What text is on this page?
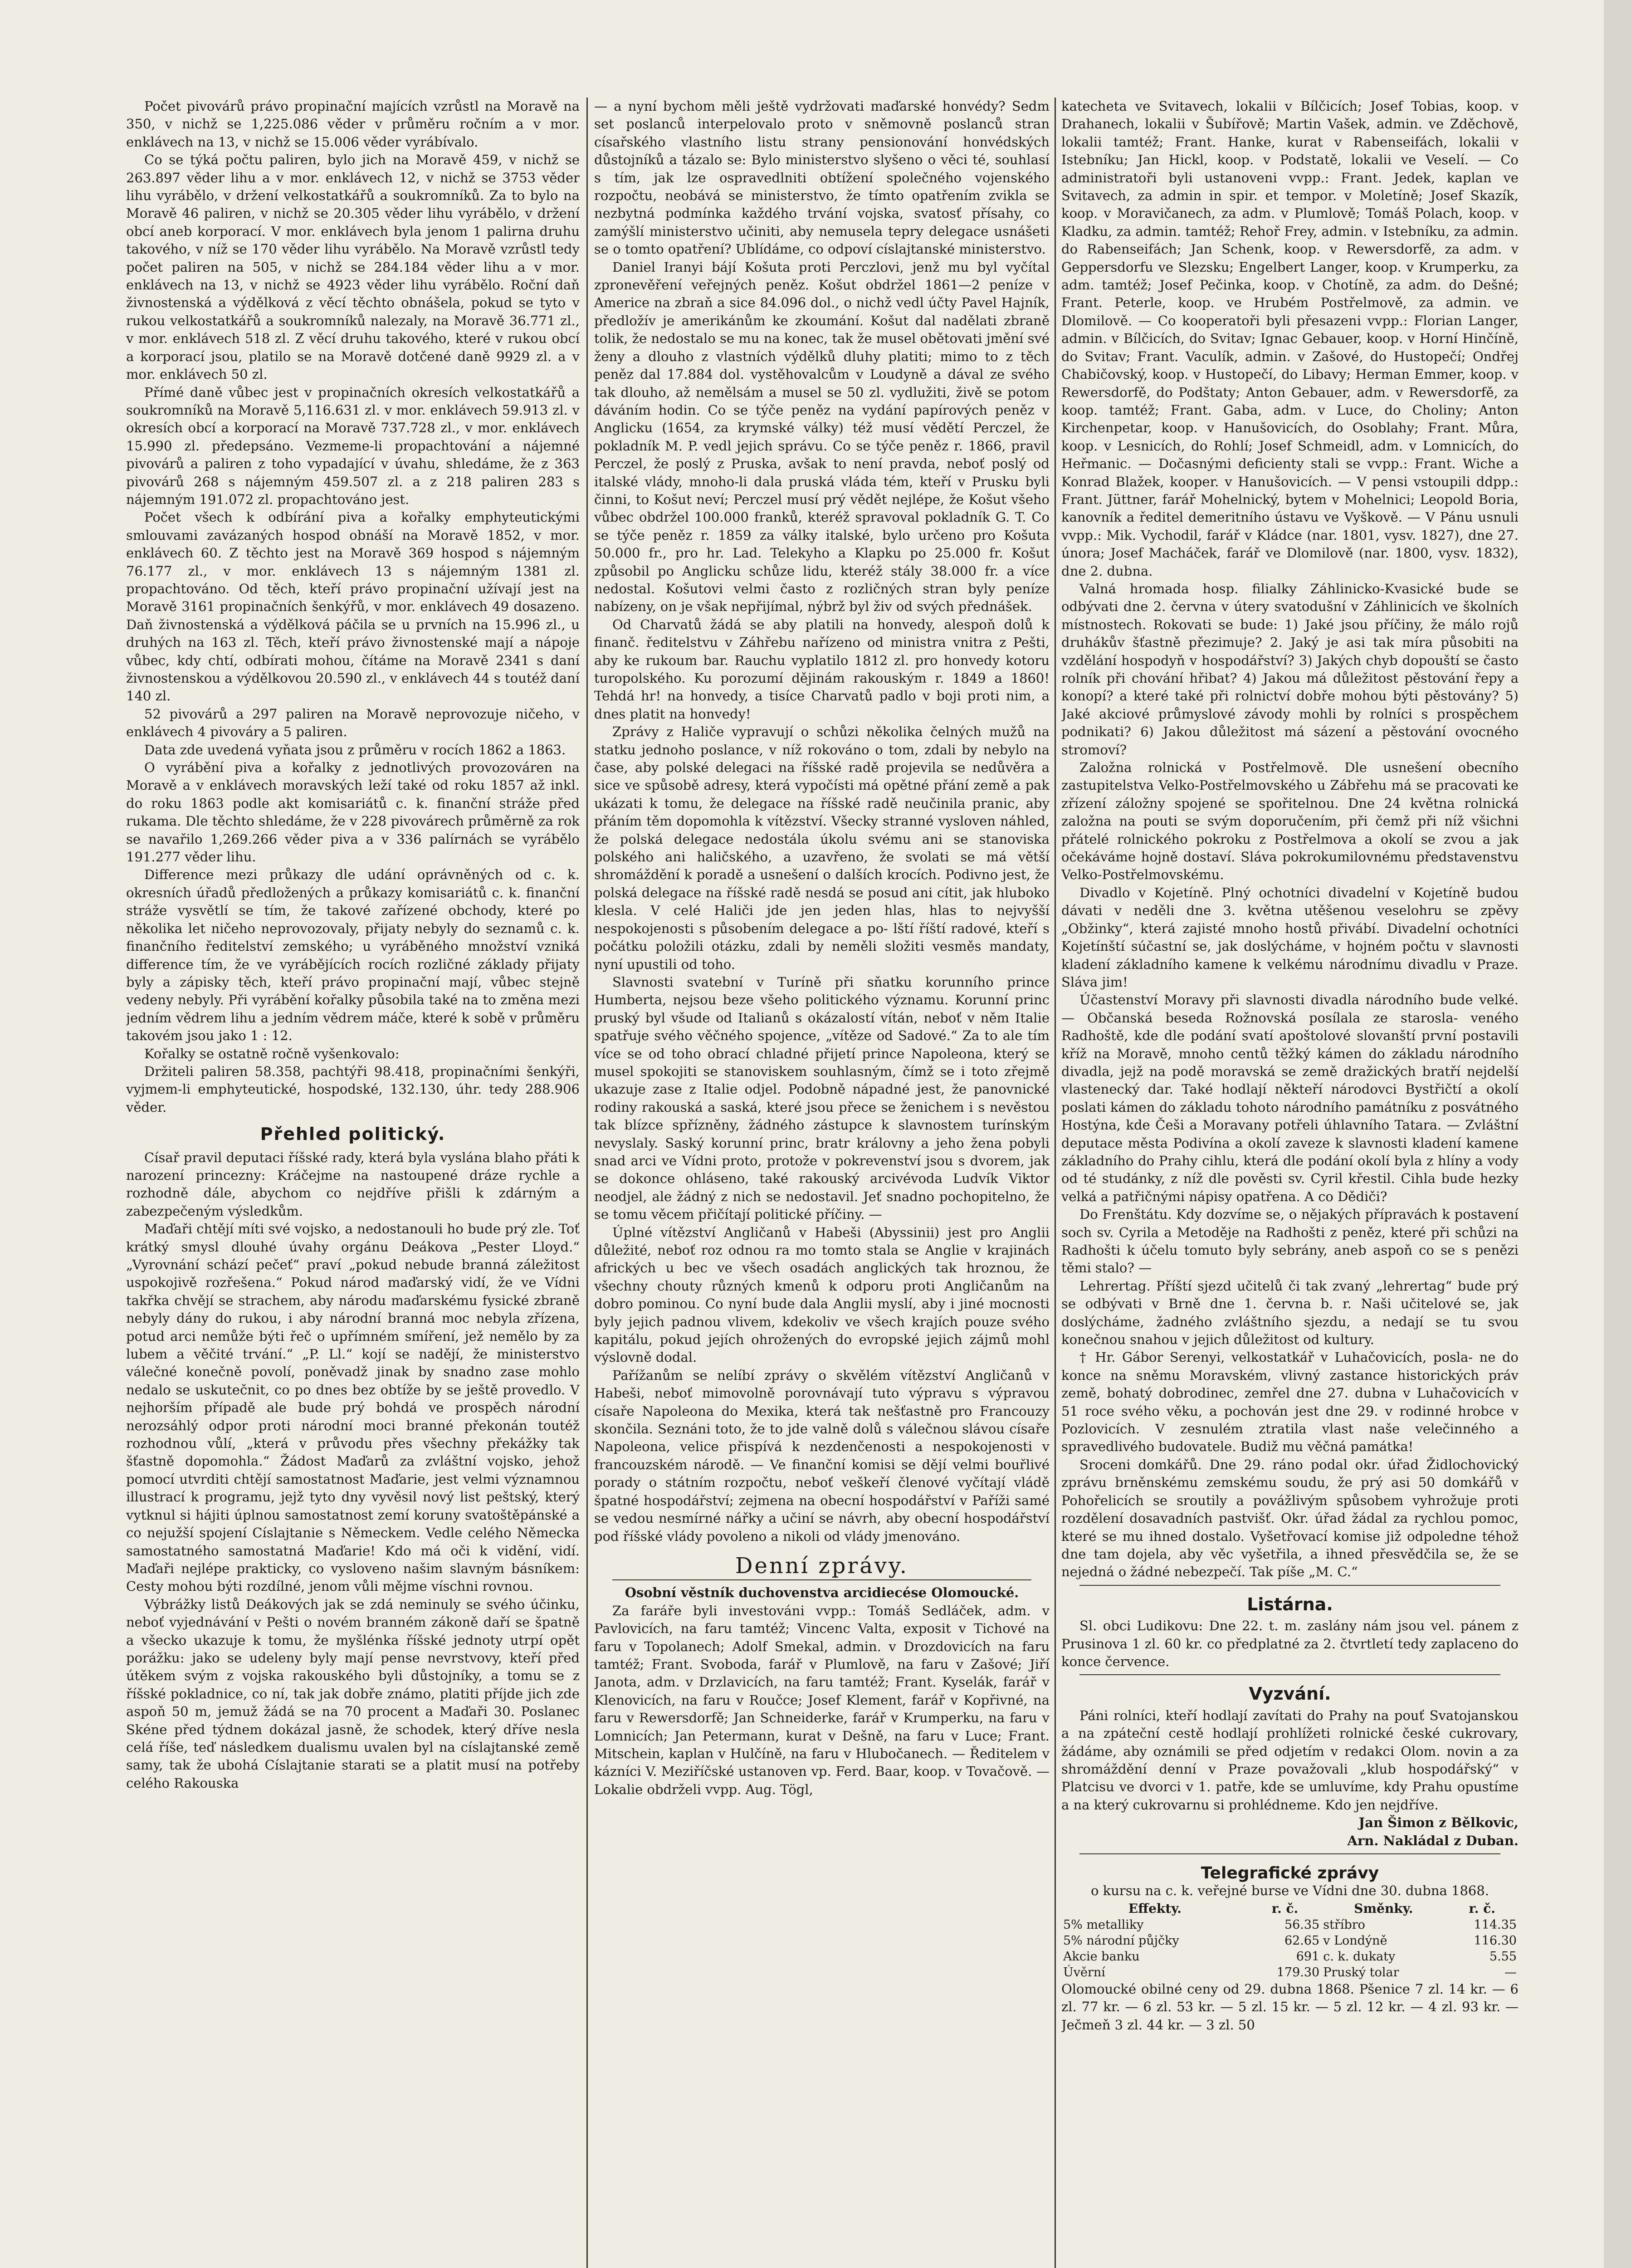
Počet pivovárů právo propinační majících vzrůstl na Moravě na 350, v nichž se 1,225.086 věder v průměru ročním a v mor. enklávech na 13, v nichž se 15.006 věder vyrábívalo.

Co se týká počtu paliren, bylo jich na Moravě 459, v nichž se 263.897 věder lihu a v mor. enklávech 12, v nichž se 3753 věder lihu vyrábělo, v držení velkostatkářů a soukromníků. Za to bylo na Moravě 46 paliren, v nichž se 20.305 věder lihu vyrábělo, v držení obcí aneb korporací. V mor. enklávech byla jenom 1 palirna druhu takového, v níž se 170 věder lihu vyrábělo. Na Moravě vzrůstl tedy počet paliren na 505, v nichž se 284.184 věder lihu a v mor. enklávech na 13, v nichž se 4923 věder lihu vyrábělo. Roční daň živnostenská a výdělková z věcí těchto obnášela, pokud se tyto v rukou velkostatkářů a soukromníků nalezaly, na Moravě 36.771 zl., v mor. enklávech 518 zl. Z věcí druhu takového, které v rukou obcí a korporací jsou, platilo se na Moravě dotčené daně 9929 zl. a v mor. enklávech 50 zl.

Přímé daně vůbec jest v propinačních okresích velkostatkářů a soukromníků na Moravě 5,116.631 zl. v mor. enklávech 59.913 zl. v okresích obcí a korporací na Moravě 737.728 zl., v mor. enklávech 15.990 zl. předepsáno. Vezmeme-li propachtování a nájemné pivovárů a paliren z toho vypadající v úvahu, shledáme, že z 363 pivovárů 268 s nájemným 459.507 zl. a z 218 paliren 283 s nájemným 191.072 zl. propachtováno jest.

Počet všech k odbírání piva a kořalky emphyteutickými smlouvami zavázaných hospod obnáší na Moravě 1852, v mor. enklávech 60. Z těchto jest na Moravě 369 hospod s nájemným 76.177 zl., v mor. enklávech 13 s nájemným 1381 zl. propachtováno. Od těch, kteří právo propinační užívají jest na Moravě 3161 propinačních šenkýřů, v mor. enklávech 49 dosazeno. Daň živnostenská a výdělková páčila se u prvních na 15.996 zl., u druhých na 163 zl. Těch, kteří právo živnostenské mají a nápoje vůbec, kdy chtí, odbírati mohou, čítáme na Moravě 2341 s daní živnostenskou a výdělkovou 20.590 zl., v enklávech 44 s toutéž daní 140 zl.

52 pivovárů a 297 paliren na Moravě neprovozuje ničeho, v enklávech 4 pivováry a 5 paliren.

Data zde uvedená vyňata jsou z průměru v rocích 1862 a 1863.

O vyrábění piva a kořalky z jednotlivých provozováren na Moravě a v enklávech moravských leží také od roku 1857 až inkl. do roku 1863 podle akt komisariátů c. k. finanční stráže před rukama. Dle těchto shledáme, že v 228 pivovárech průměrně za rok se navařilo 1,269.266 věder piva a v 336 palírnách se vyrábělo 191.277 věder lihu.

Difference mezi průkazy dle udání oprávněných od c. k. okresních úřadů předložených a průkazy komisariátů c. k. finanční stráže vysvětlí se tím, že takové zařízené obchody, které po několika let ničeho neprovozovaly, přijaty nebyly do seznamů c. k. finančního ředitelství zemského; u vyráběného množství vzniká difference tím, že ve vyrábějících rocích rozličné základy přijaty byly a zápisky těch, kteří právo propinační mají, vůbec stejně vedeny nebyly. Při vyrábění kořalky působila také na to změna mezi jedním vědrem lihu a jedním vědrem máče, které k sobě v průměru takovém jsou jako 1 : 12.

Kořalky se ostatně ročně vyšenkovalo:

Držiteli paliren 58.358, pachtýři 98.418, propinačními šenkýři, vyjmem-li emphyteutické, hospodské, 132.130, úhr. tedy 288.906 věder.

Přehled politický.

Císař pravil deputaci říšské rady, která byla vyslána blaho přáti k narození princezny: Kráčejme na nastoupené dráze rychle a rozhodně dále, abychom co nejdříve přišli k zdárným a zabezpečeným výsledkům.

Maďaři chtějí míti své vojsko, a nedostanouli ho bude prý zle. Toť krátký smysl dlouhé úvahy orgánu Deákova „Pester Lloyd.“ „Vyrovnání schází pečeť“ praví „pokud nebude branná záležitost uspokojivě rozřešena.“ Pokud národ maďarský vidí, že ve Vídni takřka chvějí se strachem, aby národu maďarskému fysické zbraně nebyly dány do rukou, i aby národní branná moc nebyla zřízena, potud arci nemůže býti řeč o upřímném smíření, jež nemělo by za lubem a věčité trvání.“ „P. Ll.“ kojí se nadějí, že ministerstvo válečné konečně povolí, poněvadž jinak by snadno zase mohlo nedalo se uskutečnit, co po dnes bez obtíže by se ještě provedlo. V nejhorším případě ale bude prý bohdá ve prospěch národní nerozsáhlý odpor proti národní moci branné překonán toutéž rozhodnou vůlí, „která v průvodu přes všechny překážky tak šťastně dopomohla.“ Žádost Maďarů za zvláštní vojsko, jehož pomocí utvrditi chtějí samostatnost Maďarie, jest velmi významnou illustrací k programu, jejž tyto dny vyvěsil nový list peštský, který vytknul si hájiti úplnou samostatnost zemí koruny svatoštěpánské a co nejužší spojení Císlajtanie s Německem. Vedle celého Německa samostatného samostatná Maďarie! Kdo má oči k vidění, vidí. Maďaři nejlépe prakticky, co vysloveno našim slavným básníkem: Cesty mohou býti rozdílné, jenom vůli mějme víschni rovnou.

Výbrážky listů Deákových jak se zdá neminuly se svého účinku, neboť vyjednávání v Pešti o novém branném zákoně daří se špatně a všecko ukazuje k tomu, že myšlénka říšské jednoty utrpí opět porážku: jako se udeleny byly mají pense nevrstvovy, kteří před útěkem svým z vojska rakouského byli důstojníky, a tomu se z říšské pokladnice, co ní, tak jak dobře známo, platiti příjde jich zde aspoň 50 m, jemuž žádá se na 70 procent a Maďaři 30. Poslanec Skéne před týdnem dokázal jasně, že schodek, který dříve nesla celá říše, teď následkem dualismu uvalen byl na císlajtanské země samy, tak že ubohá Císlajtanie starati se a platit musí na potřeby celého Rakouska

— a nyní bychom měli ještě vydržovati maďarské honvédy? Sedm set poslanců interpelovalo proto v sněmovně poslanců stran císařského vlastního listu strany pensionování honvédských důstojníků a tázalo se: Bylo ministerstvo slyšeno o věci té, souhlasí s tím, jak lze ospravedlniti obtížení společného vojenského rozpočtu, neobává se ministerstvo, že tímto opatřením zvikla se nezbytná podmínka každého trvání vojska, svatosť přísahy, co zamýšlí ministerstvo učiniti, aby nemusela tepry delegace usnášeti se o tomto opatření? Ublídáme, co odpoví císlajtanské ministerstvo.

Daniel Iranyi bájí Košuta proti Perczlovi, jenž mu byl vyčítal zpronevěření veřejných peněz. Košut obdržel 1861—2 peníze v Americe na zbraň a sice 84.096 dol., o nichž vedl účty Pavel Hajník, předložív je amerikánům ke zkoumání. Košut dal nadělati zbraně tolik, že nedostalo se mu na konec, tak že musel obětovati jmění své ženy a dlouho z vlastních výdělků dluhy platiti; mimo to z těch peněz dal 17.884 dol. vystěhovalcům v Loudyně a dával ze svého tak dlouho, až nemělsám a musel se 50 zl. vydlužiti, živě se potom dáváním hodin. Co se týče peněz na vydání papírových peněz v Anglicku (1654, za krymské války) též musí vědětí Perczel, že pokladník M. P. vedl jejich správu. Co se týče peněz r. 1866, pravil Perczel, že poslý z Pruska, avšak to není pravda, neboť poslý od italské vlády, mnoho-li dala pruská vláda tém, kteří v Prusku byli činni, to Košut neví; Perczel musí prý vědět nejlépe, že Košut všeho vůbec obdržel 100.000 franků, kteréž spravoval pokladník G. T. Co se týče peněz r. 1859 za války italské, bylo určeno pro Košuta 50.000 fr., pro hr. Lad. Telekyho a Klapku po 25.000 fr. Košut způsobil po Anglicku schůze lidu, kteréž stály 38.000 fr. a více nedostal. Košutovi velmi často z rozličných stran byly peníze nabízeny, on je však nepřijímal, nýbrž byl živ od svých přednášek.

Od Charvatů žádá se aby platili na honvedy, alespoň dolů k finanč. ředitelstvu v Záhřebu nařízeno od ministra vnitra z Pešti, aby ke rukoum bar. Rauchu vyplatilo 1812 zl. pro honvedy kotoru turopolského. Ku porozumí dějinám rakouským r. 1849 a 1860! Tehdá hr! na honvedy, a tisíce Charvatů padlo v boji proti nim, a dnes platit na honvedy!

Zprávy z Haliče vypravují o schůzi několika čelných mužů na statku jednoho poslance, v níž rokováno o tom, zdali by nebylo na čase, aby polské delegaci na říšské radě projevila se nedůvěra a sice ve spůsobě adresy, která vypočísti má opětné přání země a pak ukázati k tomu, že delegace na říšské radě neučinila pranic, aby přáním těm dopomohla k vítězství. Všecky stranné vysloven náhled, že polská delegace nedostála úkolu svému ani se stanoviska polského ani haličského, a uzavřeno, že svolati se má větší shromáždění k poradě a usnešení o dalších krocích. Podivno jest, že polská delegace na říšské radě nesdá se posud ani cítit, jak hluboko klesla. V celé Haliči jde jen jeden hlas, hlas to nejvyšší nespokojenosti s působením delegace a po- lští říští radové, kteří s počátku položili otázku, zdali by neměli složiti vesměs mandaty, nyní upustili od toho.

Slavnosti svatební v Turíně při sňatku korunního prince Humberta, nejsou beze všeho politického významu. Korunní princ pruský byl všude od Italianů s okázalostí vítán, neboť v něm Italie spatřuje svého věčného spojence, „vítěze od Sadové.“ Za to ale tím více se od toho obrací chladné přijetí prince Napoleona, který se musel spokojiti se stanoviskem souhlasným, čímž se i toto zřejmě ukazuje zase z Italie odjel. Podobně nápadné jest, že panovnické rodiny rakouská a saská, které jsou přece se ženichem i s nevěstou tak blízce spřízněny, žádného zástupce k slavnostem turínským nevyslaly. Saský korunní princ, bratr královny a jeho žena pobyli snad arci ve Vídni proto, protože v pokrevenství jsou s dvorem, jak se dokonce ohláseno, také rakouský arcivévoda Ludvík Viktor neodjel, ale žádný z nich se nedostavil. Jeť snadno pochopitelno, že se tomu věcem přičítají politické příčiny. —

Úplné vítězství Angličanů v Habeši (Abyssinii) jest pro Anglii důležité, neboť roz odnou ra mo tomto stala se Anglie v krajinách afrických u bec ve všech osadách anglických tak hroznou, že všechny chouty různých kmenů k odporu proti Angličanům na dobro pominou. Co nyní bude dala Anglii myslí, aby i jiné mocnosti byly jejich padnou vlivem, kdekoliv ve všech krajích pouze svého kapitálu, pokud jejích ohrožených do evropské jejich zájmů mohl výslovně dodal.

Pařížanům se nelíbí zprávy o skvělém vítězství Angličanů v Habeši, neboť mimovolně porovnávají tuto výpravu s výpravou císaře Napoleona do Mexika, která tak nešťastně pro Francouzy skončila. Seznáni toto, že to jde valně dolů s válečnou slávou císaře Napoleona, velice přispívá k nezdenčenosti a nespokojenosti v francouzském národě. — Ve finanční komisi se dějí velmi bouřlivé porady o státním rozpočtu, neboť veškeří členové vyčítají vládě špatné hospodářství; zejmena na obecní hospodářství v Paříži samé se vedou nesmírné nářky a učiní se návrh, aby obecní hospodářství pod říšské vlády povoleno a nikoli od vlády jmenováno.

Denní zprávy.
Osobní věstník duchovenstva arcidiecése Olomoucké.

Za faráře byli investováni vvpp.: Tomáš Sedláček, adm. v Pavlovicích, na faru tamtéž; Vincenc Valta, exposit v Tichové na faru v Topolanech; Adolf Smekal, admin. v Drozdovicích na faru tamtéž; Frant. Svoboda, farář v Plumlově, na faru v Zašové; Jiří Janota, adm. v Drzlavicích, na faru tamtéž; Frant. Kyselák, farář v Klenovicích, na faru v Roučce; Josef Klement, farář v Kopřivné, na faru v Rewersdorfě; Jan Schneiderke, farář v Krumperku, na faru v Lomnicích; Jan Petermann, kurat v Dešně, na faru v Luce; Frant. Mitschein, kaplan v Hulčíně, na faru v Hlubočanech. — Ředitelem v kázníci V. Meziříčské ustanoven vp. Ferd. Baar, koop. v Tovačově. — Lokalie obdrželi vvpp. Aug. Tögl,

katecheta ve Svitavech, lokalii v Bílčicích; Josef Tobias, koop. v Drahanech, lokalii v Šubířově; Martin Vašek, admin. ve Zděchově, lokalii tamtéž; Frant. Hanke, kurat v Rabenseifách, lokalii v Istebníku; Jan Hickl, koop. v Podstatě, lokalii ve Veselí. — Co administratoři byli ustanoveni vvpp.: Frant. Jedek, kaplan ve Svitavech, za admin in spir. et tempor. v Moletíně; Josef Skazík, koop. v Moravičanech, za adm. v Plumlově; Tomáš Polach, koop. v Kladku, za admin. tamtéž; Rehoř Frey, admin. v Istebníku, za admin. do Rabenseifách; Jan Schenk, koop. v Rewersdorfě, za adm. v Geppersdorfu ve Slezsku; Engelbert Langer, koop. v Krumperku, za adm. tamtéž; Josef Pečinka, koop. v Chotíně, za adm. do Dešné; Frant. Peterle, koop. ve Hrubém Postřelmově, za admin. ve Dlomilově. — Co kooperatoři byli přesazeni vvpp.: Florian Langer, admin. v Bílčicích, do Svitav; Ignac Gebauer, koop. v Horní Hinčíně, do Svitav; Frant. Vaculík, admin. v Zašové, do Hustopečí; Ondřej Chabičovský, koop. v Hustopečí, do Libavy; Herman Emmer, koop. v Rewersdorfě, do Podštaty; Anton Gebauer, adm. v Rewersdorfě, za koop. tamtéž; Frant. Gaba, adm. v Luce, do Choliny; Anton Kirchenpetar, koop. v Hanušovicích, do Osoblahy; Frant. Můra, koop. v Lesnicích, do Rohlí; Josef Schmeidl, adm. v Lomnicích, do Heřmanic. — Dočasnými deficienty stali se vvpp.: Frant. Wiche a Konrad Blažek, kooper. v Hanušovicích. — V pensi vstoupili ddpp.: Frant. Jüttner, farář Mohelnický, bytem v Mohelnici; Leopold Boria, kanovník a ředitel demeritního ústavu ve Vyškově. — V Pánu usnuli vvpp.: Mik. Vychodil, farář v Kládce (nar. 1801, vysv. 1827), dne 27. února; Josef Macháček, farář ve Dlomilově (nar. 1800, vysv. 1832), dne 2. dubna.

Valná hromada hosp. filialky Záhlinicko-Kvasické bude se odbývati dne 2. června v útery svatodušní v Záhlinicích ve školních místnostech. Rokovati se bude: 1) Jaké jsou příčiny, že málo rojů druhákův šťastně přezimuje? 2. Jaký je asi tak míra působiti na vzdělání hospodyň v hospodářství? 3) Jakých chyb dopouští se často rolník při chování hřibat? 4) Jakou má důležitost pěstování řepy a konopí? a které také při rolnictví dobře mohou býti pěstovány? 5) Jaké akciové průmyslové závody mohli by rolníci s prospěchem podnikati? 6) Jakou důležitost má sázení a pěstování ovocného stromoví?

Založna rolnická v Postřelmově. Dle usnešení obecního zastupitelstva Velko-Postřelmovského u Zábřehu má se pracovati ke zřízení záložny spojené se spořitelnou. Dne 24 května rolnická založna na pouti se svým doporučením, při čemž při níž všichni přátelé rolnického pokroku z Postřelmova a okolí se zvou a jak očekáváme hojně dostaví. Sláva pokrokumilovnému představenstvu Velko-Postřelmovskému.

Divadlo v Kojetíně. Plný ochotníci divadelní v Kojetíně budou dávati v neděli dne 3. května utěšenou veselohru se zpěvy „Obžinky“, která zajisté mnoho hostů přivábí. Divadelní ochotníci Kojetínští súčastní se, jak doslýcháme, v hojném počtu v slavnosti kladení základního kamene k velkému národnímu divadlu v Praze. Sláva jim!

Účastenství Moravy při slavnosti divadla národního bude velké. — Občanská beseda Rožnovská posílala ze starosla- veného Radhoště, kde dle podání svatí apoštolové slovanští první postavili kříž na Moravě, mnoho centů těžký kámen do základu národního divadla, jejž na podě moravská se země dražických bratří nejdelší vlastenecký dar. Také hodlají někteří národovci Bystřičtí a okolí poslati kámen do základu tohoto národního památníku z posvátného Hostýna, kde Češi a Moravany potřeli úhlavního Tatara. — Zvláštní deputace města Podivína a okolí zaveze k slavnosti kladení kamene základního do Prahy cihlu, která dle podání okolí byla z hlíny a vody od té studánky, z níž dle pověsti sv. Cyril křestil. Cihla bude hezky velká a patřičnými nápisy opatřena. A co Dědiči?

Do Frenštátu. Kdy dozvíme se, o nějakých přípravách k postavení soch sv. Cyrila a Metoděje na Radhošti z peněz, které při schůzi na Radhošti k účelu tomuto byly sebrány, aneb aspoň co se s penězi těmi stalo? —

Lehrertag. Příští sjezd učitelů či tak zvaný „lehrertag“ bude prý se odbývati v Brně dne 1. června b. r. Naši učitelové se, jak doslýcháme, žadného zvláštního sjezdu, a nedají se tu svou konečnou snahou v jejich důležitost od kultury.

† Hr. Gábor Serenyi, velkostatkář v Luhačovicích, posla- ne do konce na sněmu Moravském, vlivný zastance historických práv země, bohatý dobrodinec, zemřel dne 27. dubna v Luhačovicích v 51 roce svého věku, a pochován jest dne 29. v rodinné hrobce v Pozlovicích. V zesnulém ztratila vlast naše velečinného a spravedlivého budovatele. Budiž mu věčná památka!

Sroceni domkářů. Dne 29. ráno podal okr. úřad Židlochovický zprávu brněnskému zemskému soudu, že prý asi 50 domkářů v Pohořelicích se sroutily a povážlivým spůsobem vyhrožuje proti rozdělení dosavadních pastvišť. Okr. úřad žádal za rychlou pomoc, které se mu ihned dostalo. Vyšetřovací komise již odpoledne téhož dne tam dojela, aby věc vyšetřila, a ihned přesvědčila se, že se nejedná o žádné nebezpečí. Tak píše „M. C.“

Listárna.

Sl. obci Ludikovu: Dne 22. t. m. zaslány nám jsou vel. pánem z Prusinova 1 zl. 60 kr. co předplatné za 2. čtvrtletí tedy zaplaceno do konce července.

Vyzvání.

Páni rolníci, kteří hodlají zavítati do Prahy na pouť Svatojanskou a na zpáteční cestě hodlají prohlížeti rolnické české cukrovary, žádáme, aby oznámili se před odjetím v redakci Olom. novin a za shromáždění denní v Praze považovali „klub hospodářský“ v Platcisu ve dvorci v 1. patře, kde se umluvíme, kdy Prahu opustíme a na který cukrovarnu si prohlédneme. Kdo jen nejdříve.

Jan Šimon z Bělkovic,
Arn. Nakládal z Duban.
Telegrafické zprávy
o kursu na c. k. veřejné burse ve Vídni dne 30. dubna 1868.
Effekty.	r. č.	Směnky.	r. č.
5% metalliky	56.35	stříbro	114.35
5% národní půjčky	62.65	v Londýně	116.30
Akcie banku	691	c. k. dukaty	5.55
Úvěrní	179.30	Pruský tolar	—

Olomoucké obilné ceny od 29. dubna 1868. Pšenice 7 zl. 14 kr. — 6 zl. 77 kr. — 6 zl. 53 kr. — 5 zl. 15 kr. — 5 zl. 12 kr. — 4 zl. 93 kr. — Ječmeň 3 zl. 44 kr. — 3 zl. 50
